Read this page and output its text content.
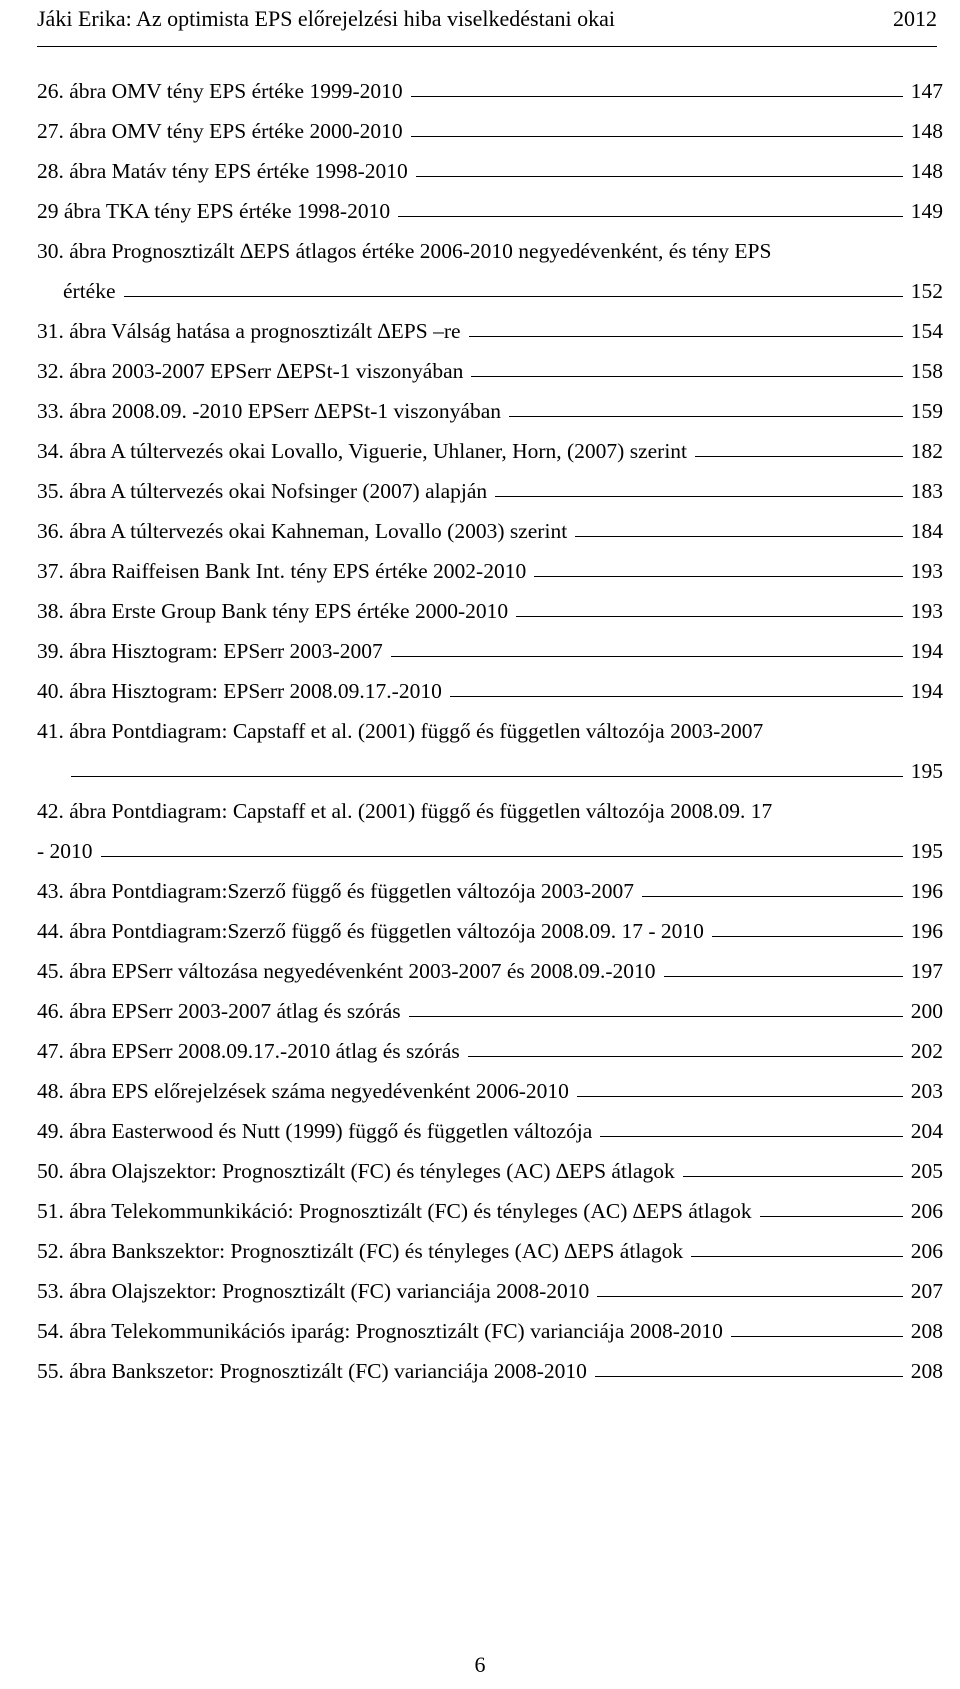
Jáki Erika: Az optimista EPS előrejelzési hiba viselkedéstani okai	2012
26. ábra OMV tény EPS értéke 1999-2010	147
27. ábra OMV tény EPS értéke 2000-2010	148
28. ábra Matáv tény EPS értéke 1998-2010	148
29 ábra TKA tény EPS értéke 1998-2010	149
30. ábra Prognosztizált ∆EPS átlagos értéke 2006-2010 negyedévenként, és tény EPS
értéke	152
31. ábra Válság hatása a prognosztizált ∆EPS –re	154
32. ábra 2003-2007 EPSerr ∆EPSt-1 viszonyában	158
33. ábra 2008.09. -2010 EPSerr ∆EPSt-1 viszonyában	159
34. ábra A túltervezés okai Lovallo, Viguerie, Uhlaner, Horn, (2007) szerint	182
35. ábra A túltervezés okai Nofsinger (2007) alapján	183
36. ábra A túltervezés okai Kahneman, Lovallo (2003) szerint	184
37. ábra Raiffeisen Bank Int. tény EPS értéke 2002-2010	193
38. ábra Erste Group Bank tény EPS értéke 2000-2010	193
39. ábra Hisztogram: EPSerr 2003-2007	194
40. ábra Hisztogram: EPSerr 2008.09.17.-2010	194
41. ábra Pontdiagram: Capstaff et al. (2001) függő és független változója 2003-2007
195
42. ábra Pontdiagram: Capstaff et al. (2001) függő és független változója 2008.09. 17
- 2010	195
43. ábra Pontdiagram:Szerző függő és független változója 2003-2007	196
44. ábra Pontdiagram:Szerző függő és független változója 2008.09. 17 - 2010	196
45. ábra EPSerr változása negyedévenként 2003-2007 és 2008.09.-2010	197
46. ábra EPSerr 2003-2007 átlag és szórás	200
47. ábra EPSerr 2008.09.17.-2010 átlag és szórás	202
48. ábra EPS előrejelzések száma negyedévenként 2006-2010	203
49. ábra Easterwood és Nutt (1999) függő és független változója	204
50. ábra Olajszektor: Prognosztizált (FC) és tényleges (AC) ∆EPS átlagok	205
51. ábra Telekommunkikáció: Prognosztizált (FC) és tényleges (AC) ∆EPS átlagok	206
52. ábra Bankszektor: Prognosztizált (FC) és tényleges (AC) ∆EPS átlagok	206
53. ábra Olajszektor: Prognosztizált (FC) varianciája 2008-2010	207
54. ábra Telekommunikációs iparág: Prognosztizált (FC) varianciája 2008-2010	208
55. ábra Bankszetor: Prognosztizált (FC) varianciája 2008-2010	208
6
